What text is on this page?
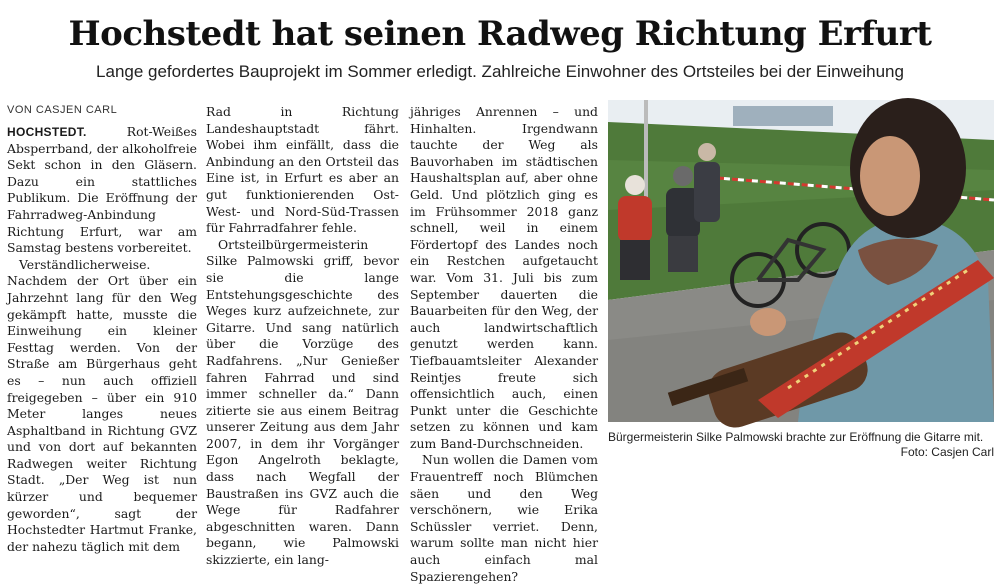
Hochstedt hat seinen Radweg Richtung Erfurt
Lange gefordertes Bauprojekt im Sommer erledigt. Zahlreiche Einwohner des Ortsteiles bei der Einweihung
VON CASJEN CARL

HOCHSTEDT.	Rot-Weißes Absperrband, der alkoholfreie Sekt schon in den Gläsern. Dazu ein stattliches Publikum. Die Eröffnung der Fahrradweg-Anbindung Richtung Erfurt, war am Samstag bestens vorbereitet.

Verständlicherweise. Nachdem der Ort über ein Jahrzehnt lang für den Weg gekämpft hatte, musste die Einweihung ein kleiner Festtag werden. Von der Straße am Bürgerhaus geht es – nun auch offiziell freigegeben – über ein 910 Meter langes neues Asphaltband in Richtung GVZ und von dort auf bekannten Radwegen weiter Richtung Stadt. „Der Weg ist nun kürzer und bequemer geworden“, sagt der Hochstedter Hartmut Franke, der nahezu täglich mit dem

Rad in Richtung Landeshauptstadt fährt. Wobei ihm einfällt, dass die Anbindung an den Ortsteil das Eine ist, in Erfurt es aber an gut funktionierenden Ost-West- und Nord-Süd-Trassen für Fahrradfahrer fehle.

Ortsteilbürgermeisterin Silke Palmowski griff, bevor sie die lange Entstehungsgeschichte des Weges kurz aufzeichnete, zur Gitarre. Und sang natürlich über die Vorzüge des Radfahrens. „Nur Genießer fahren Fahrrad und sind immer schneller da.“ Dann zitierte sie aus einem Beitrag unserer Zeitung aus dem Jahr 2007, in dem ihr Vorgänger Egon Angelroth beklagte, dass nach Wegfall der Baustraßen ins GVZ auch die Wege für Radfahrer abgeschnitten waren. Dann begann, wie Palmowski skizzierte, ein lang-

jähriges Anrennen – und Hinhalten. Irgendwann tauchte der Weg als Bauvorhaben im städtischen Haushaltsplan auf, aber ohne Geld. Und plötzlich ging es im Frühsommer 2018 ganz schnell, weil in einem Fördertopf des Landes noch ein Restchen aufgetaucht war. Vom 31. Juli bis zum September dauerten die Bauarbeiten für den Weg, der auch landwirtschaftlich genutzt werden kann. Tiefbauamtsleiter Alexander Reintjes freute sich offensichtlich auch, einen Punkt unter die Geschichte setzen zu können und kam zum Band-Durchschneiden.

Nun wollen die Damen vom Frauentreff noch Blümchen säen und den Weg verschönern, wie Erika Schüssler verriet. Denn, warum sollte man nicht hier auch einfach mal Spazierengehen?

Bürgermeisterin Silke Palmowski brachte zur Eröffnung die Gitarre mit.

Foto: Casjen Carl
